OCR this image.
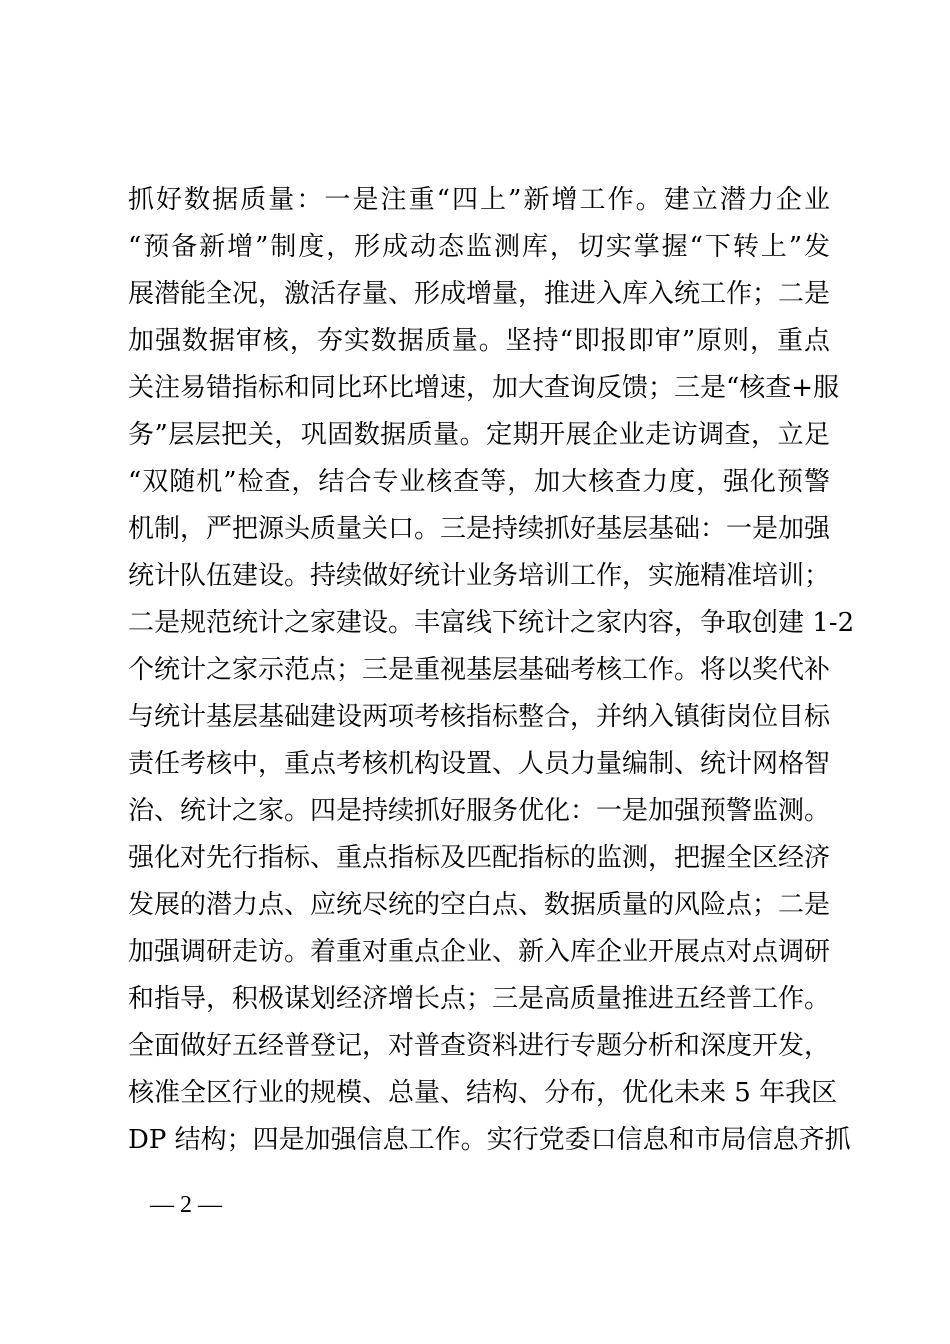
抓好数据质量：一是注重“四上”新增工作。建立潜力企业
“预备新增”制度，形成动态监测库，切实掌握“下转上”发
展潜能全况，激活存量、形成增量，推进入库入统工作；二是
加强数据审核，夯实数据质量。坚持“即报即审”原则，重点
关注易错指标和同比环比增速，加大查询反馈；三是“核查+服
务”层层把关，巩固数据质量。定期开展企业走访调查，立足
“双随机”检查，结合专业核查等，加大核查力度，强化预警
机制，严把源头质量关口。三是持续抓好基层基础：一是加强
统计队伍建设。持续做好统计业务培训工作，实施精准培训；
二是规范统计之家建设。丰富线下统计之家内容，争取创建 1-2
个统计之家示范点；三是重视基层基础考核工作。将以奖代补
与统计基层基础建设两项考核指标整合，并纳入镇街岗位目标
责任考核中，重点考核机构设置、人员力量编制、统计网格智
治、统计之家。四是持续抓好服务优化：一是加强预警监测。
强化对先行指标、重点指标及匹配指标的监测，把握全区经济
发展的潜力点、应统尽统的空白点、数据质量的风险点；二是
加强调研走访。着重对重点企业、新入库企业开展点对点调研
和指导，积极谋划经济增长点；三是高质量推进五经普工作。
全面做好五经普登记，对普查资料进行专题分析和深度开发，
核准全区行业的规模、总量、结构、分布，优化未来 5 年我区
DP 结构；四是加强信息工作。实行党委口信息和市局信息齐抓
— 2 —
